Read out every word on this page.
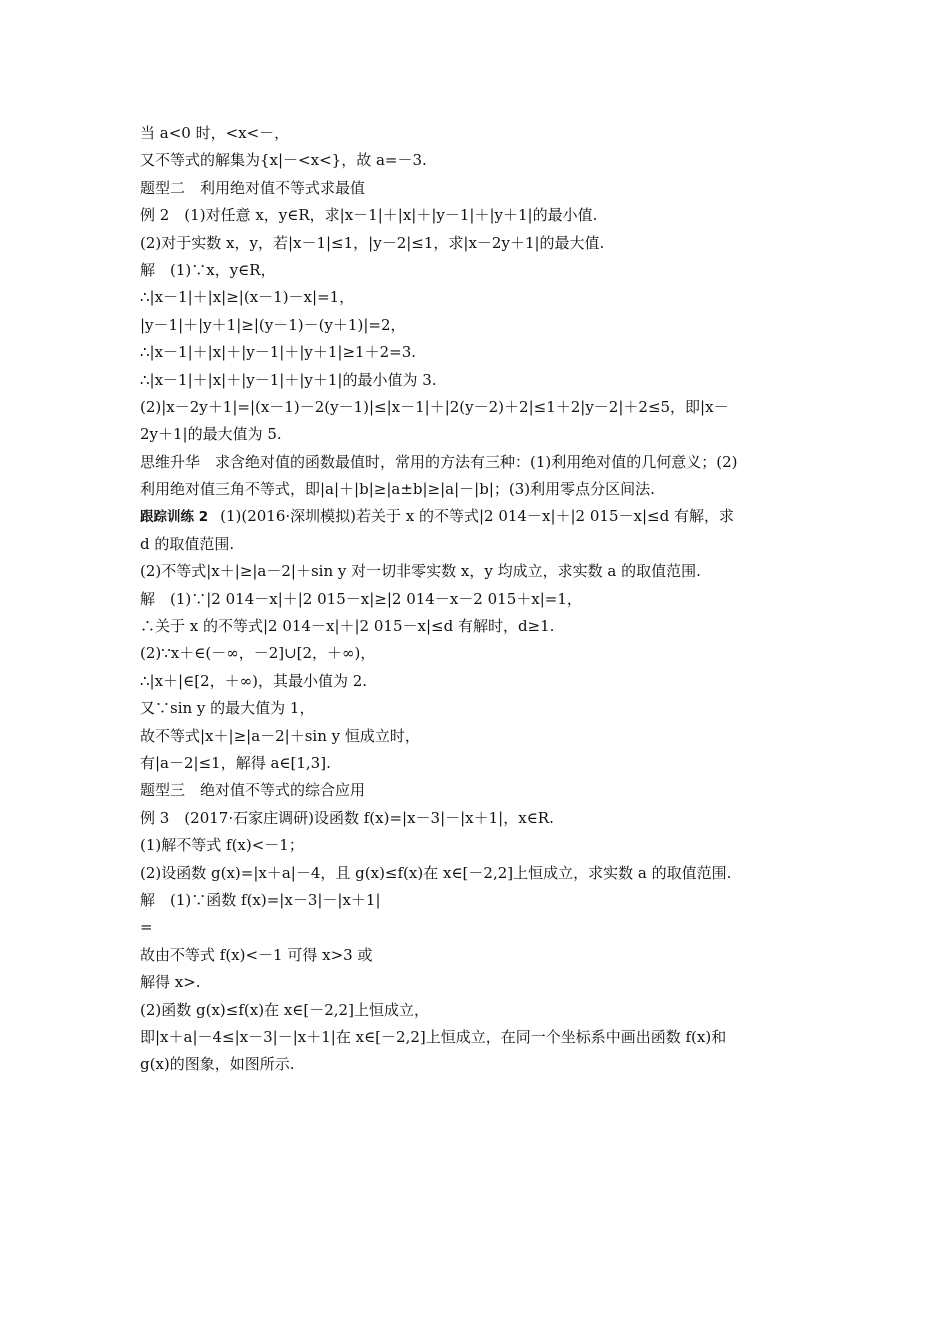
当 a<0 时，<x<－，
又不等式的解集为{x|－<x<}，故 a=－3.
题型二　利用绝对值不等式求最值
例 2　(1)对任意 x，y∈R，求|x－1|＋|x|＋|y－1|＋|y＋1|的最小值.
(2)对于实数 x，y，若|x－1|≤1，|y－2|≤1，求|x－2y＋1|的最大值.
解　(1)∵x，y∈R，
∴|x－1|＋|x|≥|(x－1)－x|=1，
|y－1|＋|y＋1|≥|(y－1)－(y＋1)|=2，
∴|x－1|＋|x|＋|y－1|＋|y＋1|≥1＋2=3.
∴|x－1|＋|x|＋|y－1|＋|y＋1|的最小值为 3.
(2)|x－2y＋1|=|(x－1)－2(y－1)|≤|x－1|＋|2(y－2)＋2|≤1＋2|y－2|＋2≤5，即|x－
2y＋1|的最大值为 5.
思维升华　求含绝对值的函数最值时，常用的方法有三种：(1)利用绝对值的几何意义；(2)
利用绝对值三角不等式，即|a|＋|b|≥|a±b|≥|a|－|b|；(3)利用零点分区间法.
跟踪训练 2 (1)(2016·深圳模拟)若关于 x 的不等式|2 014－x|＋|2 015－x|≤d 有解，求
d 的取值范围.
(2)不等式|x＋|≥|a－2|＋sin y 对一切非零实数 x，y 均成立，求实数 a 的取值范围.
解　(1)∵|2 014－x|＋|2 015－x|≥|2 014－x－2 015＋x|=1，
∴关于 x 的不等式|2 014－x|＋|2 015－x|≤d 有解时，d≥1.
(2)∵x＋∈(－∞，－2]∪[2，＋∞)，
∴|x＋|∈[2，＋∞)，其最小值为 2.
又∵sin y 的最大值为 1，
故不等式|x＋|≥|a－2|＋sin y 恒成立时，
有|a－2|≤1，解得 a∈[1,3].
题型三　绝对值不等式的综合应用
例 3　(2017·石家庄调研)设函数 f(x)=|x－3|－|x＋1|，x∈R.
(1)解不等式 f(x)<－1；
(2)设函数 g(x)=|x＋a|－4，且 g(x)≤f(x)在 x∈[－2,2]上恒成立，求实数 a 的取值范围.
解　(1)∵函数 f(x)=|x－3|－|x＋1|
=
故由不等式 f(x)<－1 可得 x>3 或
解得 x>.
(2)函数 g(x)≤f(x)在 x∈[－2,2]上恒成立，
即|x＋a|－4≤|x－3|－|x＋1|在 x∈[－2,2]上恒成立，在同一个坐标系中画出函数 f(x)和
g(x)的图象，如图所示.
